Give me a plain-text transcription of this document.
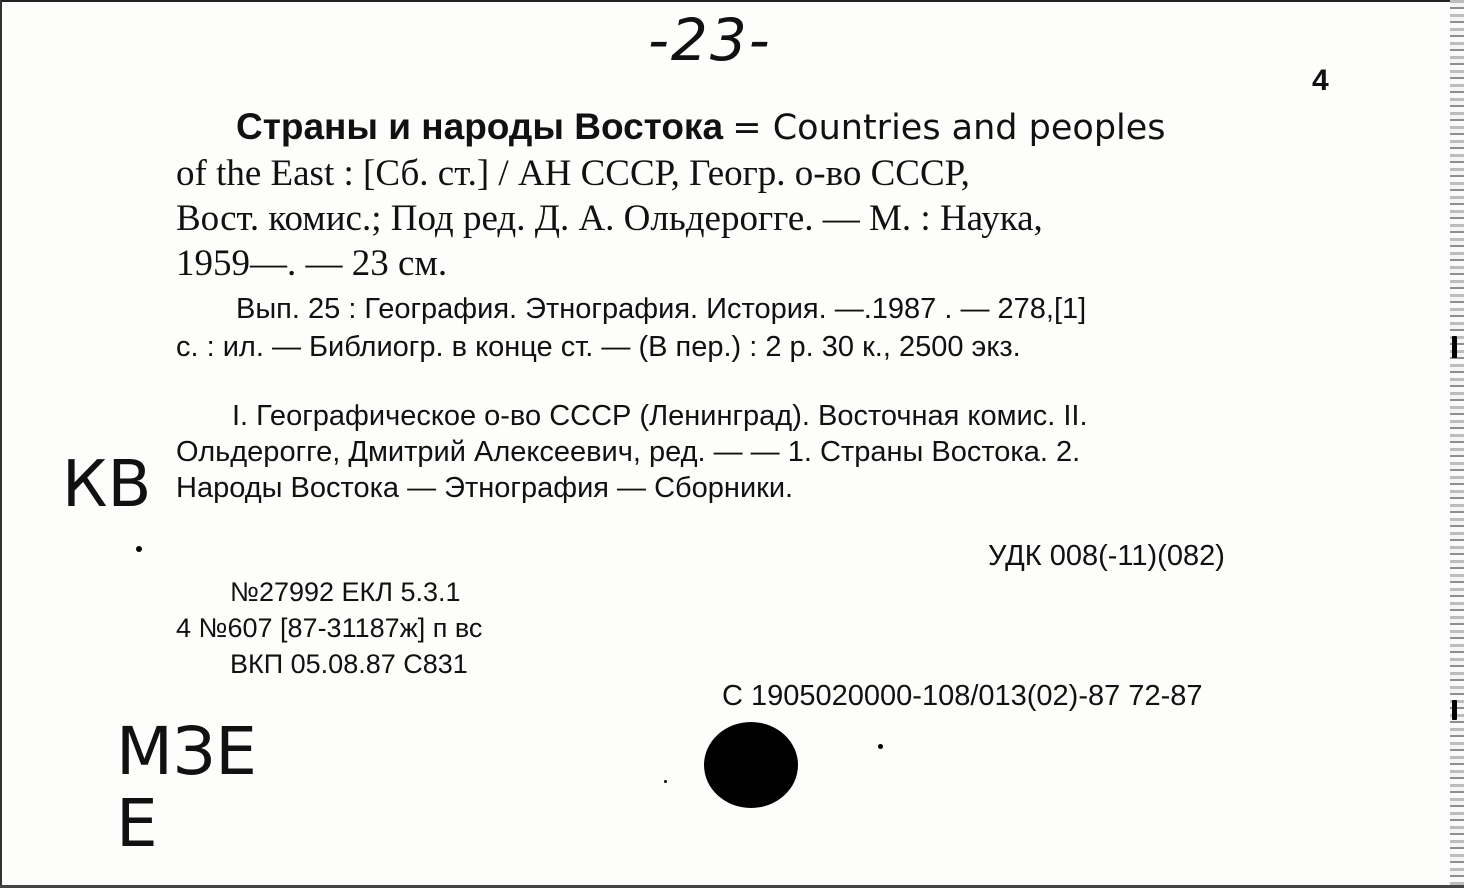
-23-
4
Страны и народы Востока = Countries and peoples
of the East : [Сб. ст.] / АН СССР, Геогр. о-во СССР,
Вост. комис.; Под ред. Д. А. Ольдерогге. — М. : Наука,
1959—. — 23 см.
Вып. 25 : География. Этнография. История. —.1987 . — 278,[1]
с. : ил. — Библиогр. в конце ст. — (В пер.) : 2 р. 30 к., 2500 экз.
I. Географическое о-во СССР (Ленинград). Восточная комис. II.
Ольдерогге, Дмитрий Алексеевич, ред. — — 1. Страны Востока. 2.
Народы Востока — Этнография — Сборники.
УДК 008(-11)(082)
№27992 ЕКЛ 5.3.1
4 №607 [87-31187ж] п вс
ВКП 05.08.87 С831
С 1905020000-108/013(02)-87 72-87
КВ
МЗЕ
Е
